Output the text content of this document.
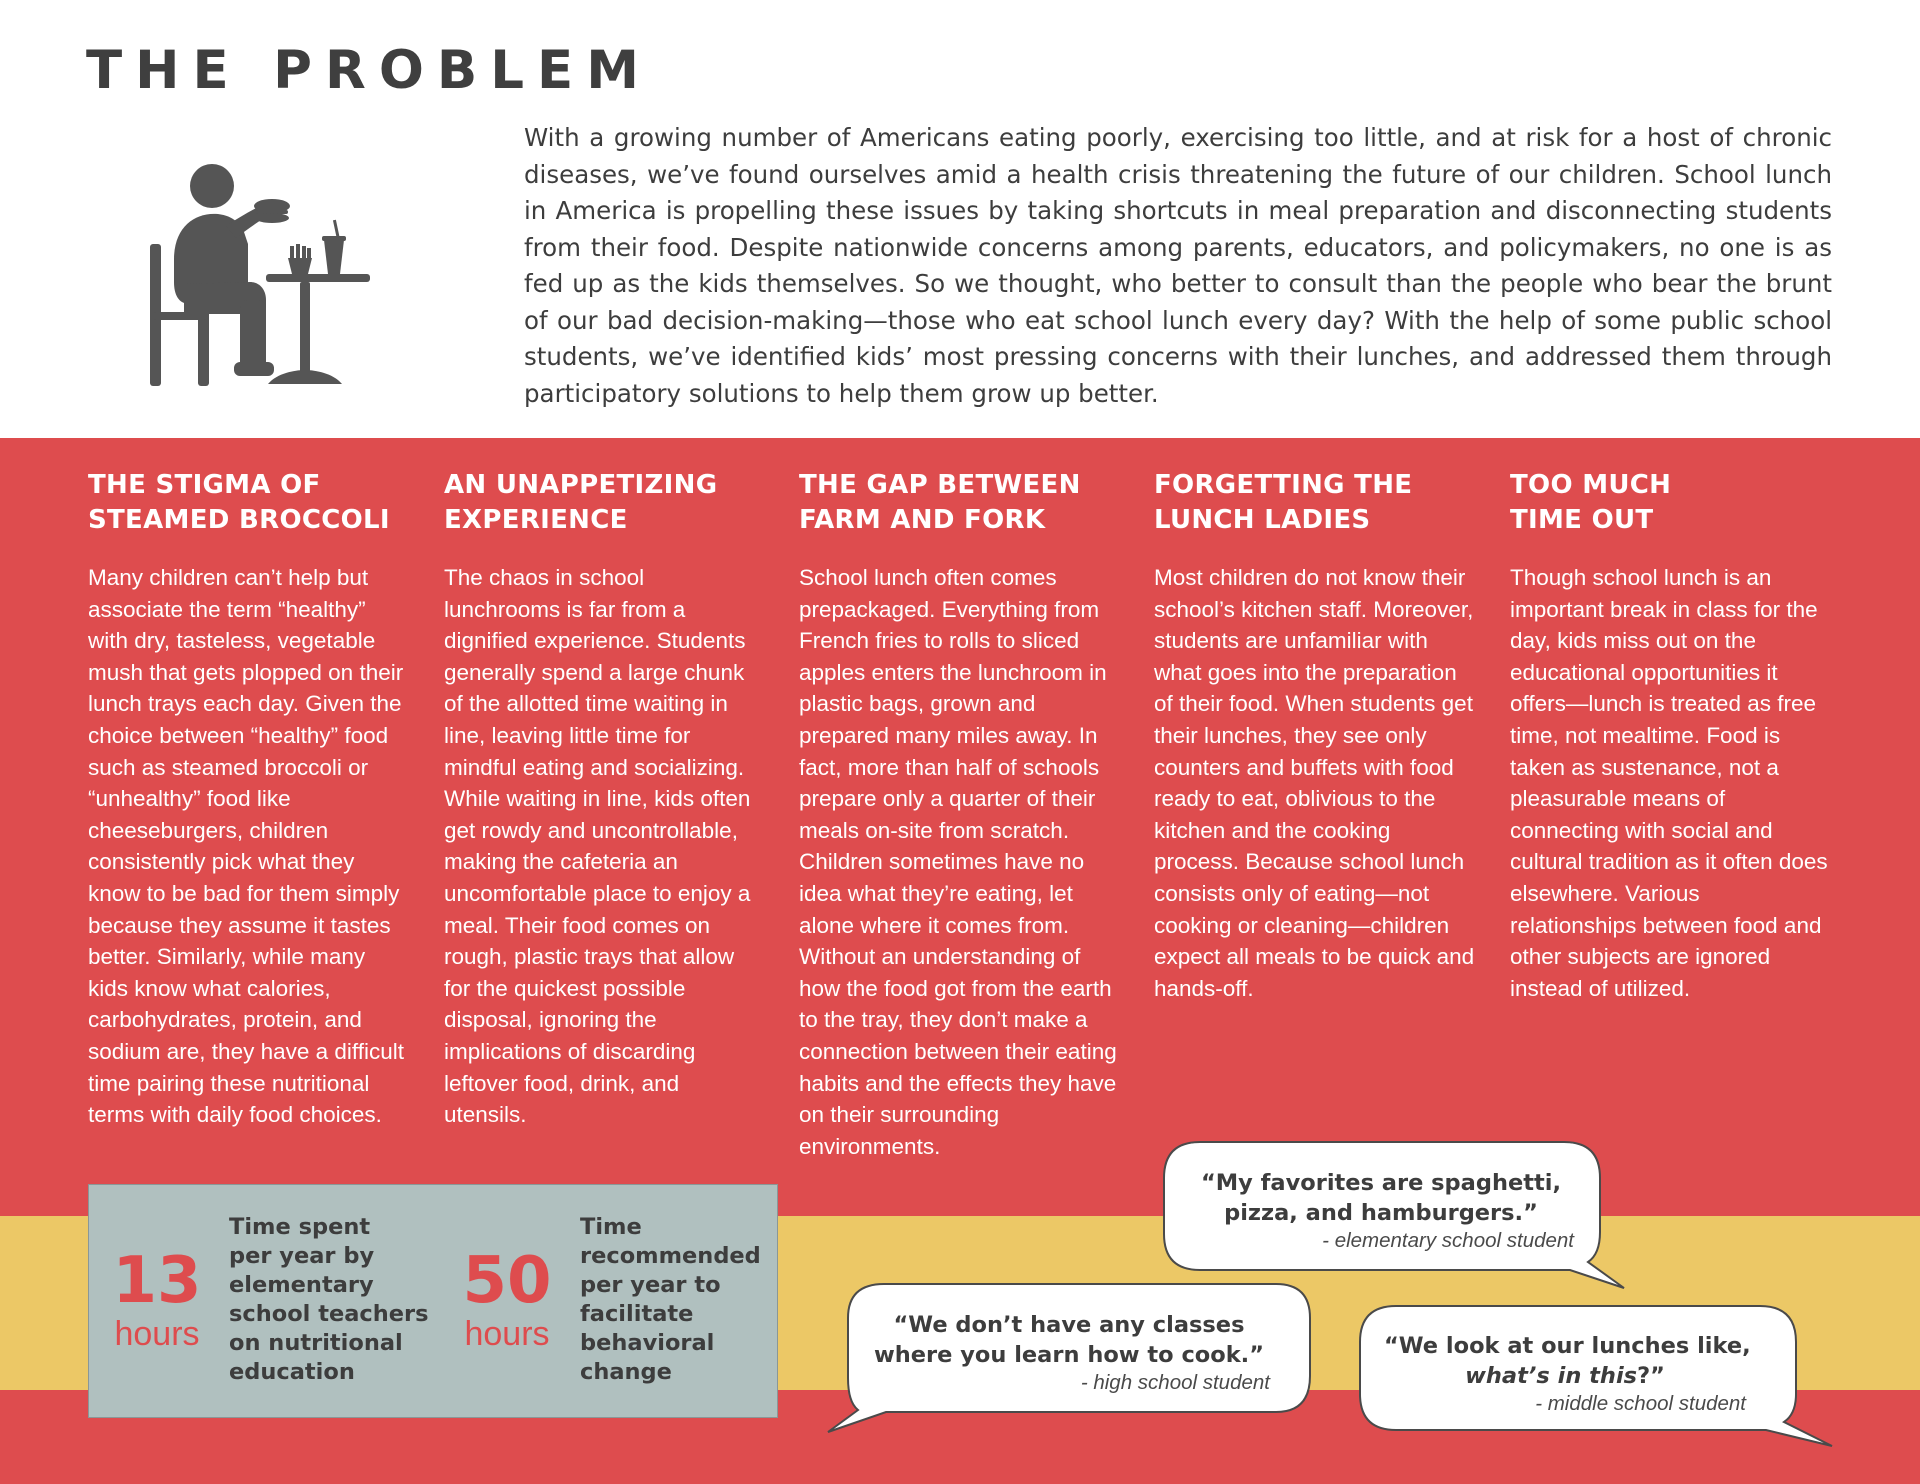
THE PROBLEM

With a growing number of Americans eating poorly, exercising too little, and at risk for a host of chronic diseases, we’ve found ourselves amid a health crisis threatening the future of our children. School lunch in America is propelling these issues by taking shortcuts in meal preparation and disconnecting students from their food. Despite nationwide concerns among parents, educators, and policymakers, no one is as fed up as the kids themselves. So we thought, who better to consult than the people who bear the brunt of our bad decision-making—those who eat school lunch every day? With the help of some public school students, we’ve identified kids’ most pressing concerns with their lunches, and addressed them through participatory solutions to help them grow up better.

THE STIGMA OF
STEAMED BROCCOLI

Many children can’t help but associate the term “healthy” with dry, tasteless, vegetable mush that gets plopped on their lunch trays each day. Given the choice between “healthy” food such as steamed broccoli or “unhealthy” food like cheeseburgers, children consistently pick what they know to be bad for them simply because they assume it tastes better. Similarly, while many kids know what calories, carbohydrates, protein, and sodium are, they have a difficult time pairing these nutritional terms with daily food choices.

AN UNAPPETIZING
EXPERIENCE

The chaos in school lunchrooms is far from a dignified experience. Students generally spend a large chunk of the allotted time waiting in line, leaving little time for mindful eating and socializing. While waiting in line, kids often get rowdy and uncontrollable, making the cafeteria an uncomfortable place to enjoy a meal. Their food comes on rough, plastic trays that allow for the quickest possible disposal, ignoring the implications of discarding leftover food, drink, and utensils.

THE GAP BETWEEN
FARM AND FORK

School lunch often comes prepackaged. Everything from French fries to rolls to sliced apples enters the lunchroom in plastic bags, grown and prepared many miles away. In fact, more than half of schools prepare only a quarter of their meals on-site from scratch. Children sometimes have no idea what they’re eating, let alone where it comes from. Without an understanding of how the food got from the earth to the tray, they don’t make a connection between their eating habits and the effects they have on their surrounding environments.

FORGETTING THE
LUNCH LADIES

Most children do not know their school’s kitchen staff. Moreover, students are unfamiliar with what goes into the preparation of their food. When students get their lunches, they see only counters and buffets with food ready to eat, oblivious to the kitchen and the cooking process. Because school lunch consists only of eating—not cooking or cleaning—children expect all meals to be quick and hands-off.

TOO MUCH
TIME OUT

Though school lunch is an important break in class for the day, kids miss out on the educational opportunities it offers—lunch is treated as free time, not mealtime. Food is taken as sustenance, not a pleasurable means of connecting with social and cultural tradition as it often does elsewhere. Various relationships between food and other subjects are ignored instead of utilized.

13
hours
Time spent
per year by
elementary
school teachers
on nutritional
education
50
hours
Time
recommended
per year to
facilitate
behavioral
change

“My favorites are spaghetti,
pizza, and hamburgers.”

- elementary school student

“We don’t have any classes
where you learn how to cook.”

- high school student

“We look at our lunches like,
what’s in this?”

- middle school student
